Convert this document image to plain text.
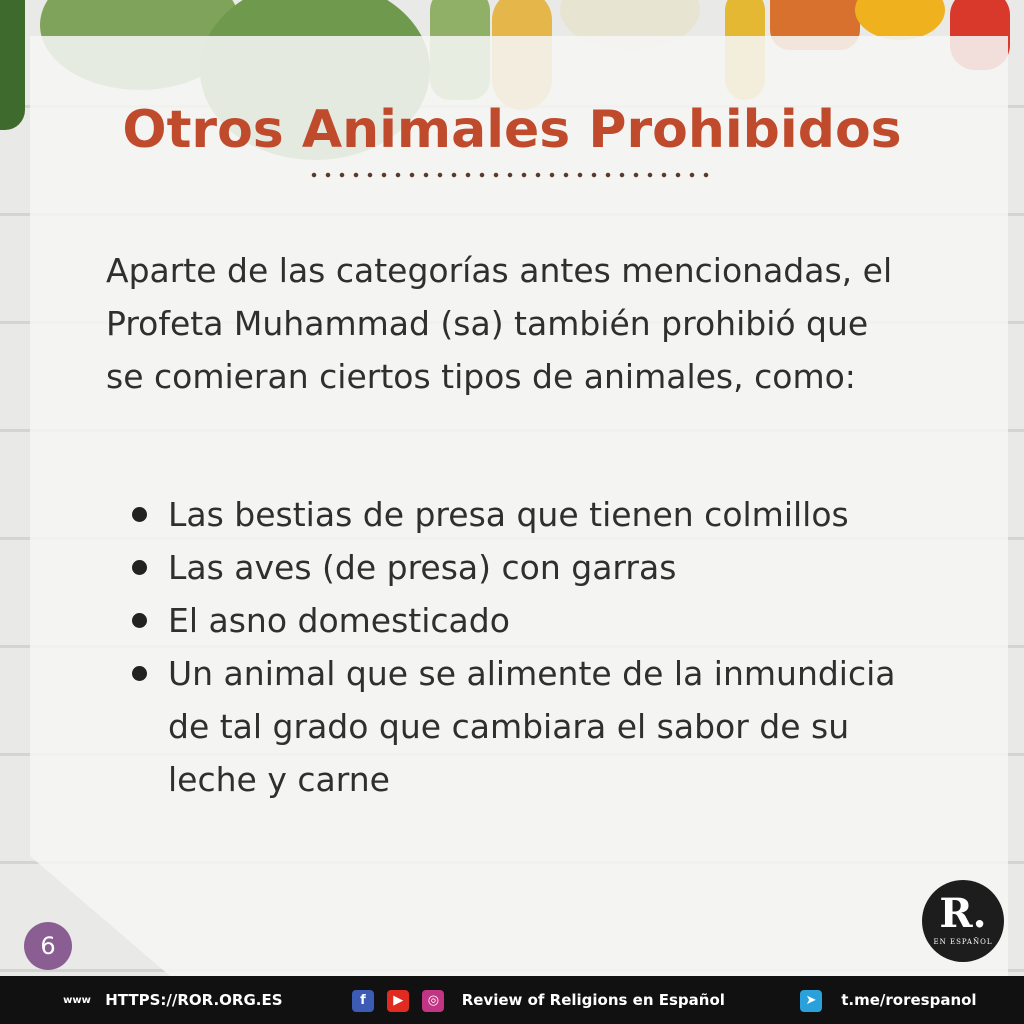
Otros Animales Prohibidos
Aparte de las categorías antes mencionadas, el Profeta Muhammad (sa) también prohibió que se comieran ciertos tipos de animales, como:
Las bestias de presa que tienen colmillos
Las aves (de presa) con garras
El asno domesticado
Un animal que se alimente de la inmundicia de tal grado que cambiara el sabor de su leche y carne
6
R.
EN ESPAÑOL
www HTTPS://ROR.ORG.ES	f ▶ ◎ Review of Religions en Español	➤ t.me/rorespanol
